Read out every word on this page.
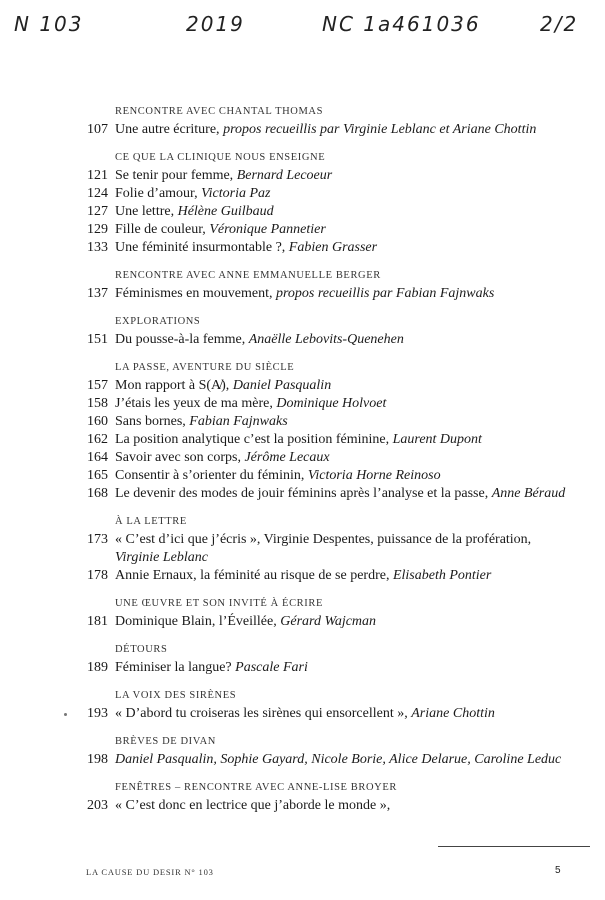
N 103	2019	NC 1a461036	2/2
RENCONTRE AVEC CHANTAL THOMAS
107 Une autre écriture, propos recueillis par Virginie Leblanc et Ariane Chottin
CE QUE LA CLINIQUE NOUS ENSEIGNE
121 Se tenir pour femme, Bernard Lecoeur
124 Folie d’amour, Victoria Paz
127 Une lettre, Hélène Guilbaud
129 Fille de couleur, Véronique Pannetier
133 Une féminité insurmontable ?, Fabien Grasser
RENCONTRE AVEC ANNE EMMANUELLE BERGER
137 Féminismes en mouvement, propos recueillis par Fabian Fajnwaks
EXPLORATIONS
151 Du pousse-à-la femme, Anaëlle Lebovits-Quenehen
LA PASSE, AVENTURE DU SIÈCLE
157 Mon rapport à S(A̸), Daniel Pasqualin
158 J’étais les yeux de ma mère, Dominique Holvoet
160 Sans bornes, Fabian Fajnwaks
162 La position analytique c’est la position féminine, Laurent Dupont
164 Savoir avec son corps, Jérôme Lecaux
165 Consentir à s’orienter du féminin, Victoria Horne Reinoso
168 Le devenir des modes de jouir féminins après l’analyse et la passe, Anne Béraud
À LA LETTRE
173 « C’est d’ici que j’écris », Virginie Despentes, puissance de la profération,
Virginie Leblanc
178 Annie Ernaux, la féminité au risque de se perdre, Elisabeth Pontier
UNE ŒUVRE ET SON INVITÉ À ÉCRIRE
181 Dominique Blain, l’Éveillée, Gérard Wajcman
DÉTOURS
189 Féminiser la langue? Pascale Fari
LA VOIX DES SIRÈNES
193 « D’abord tu croiseras les sirènes qui ensorcellent », Ariane Chottin
BRÈVES DE DIVAN
198 Daniel Pasqualin, Sophie Gayard, Nicole Borie, Alice Delarue, Caroline Leduc
FENÊTRES – RENCONTRE AVEC ANNE-LISE BROYER
203 « C’est donc en lectrice que j’aborde le monde »,
LA CAUSE DU DESIR N° 103	5
